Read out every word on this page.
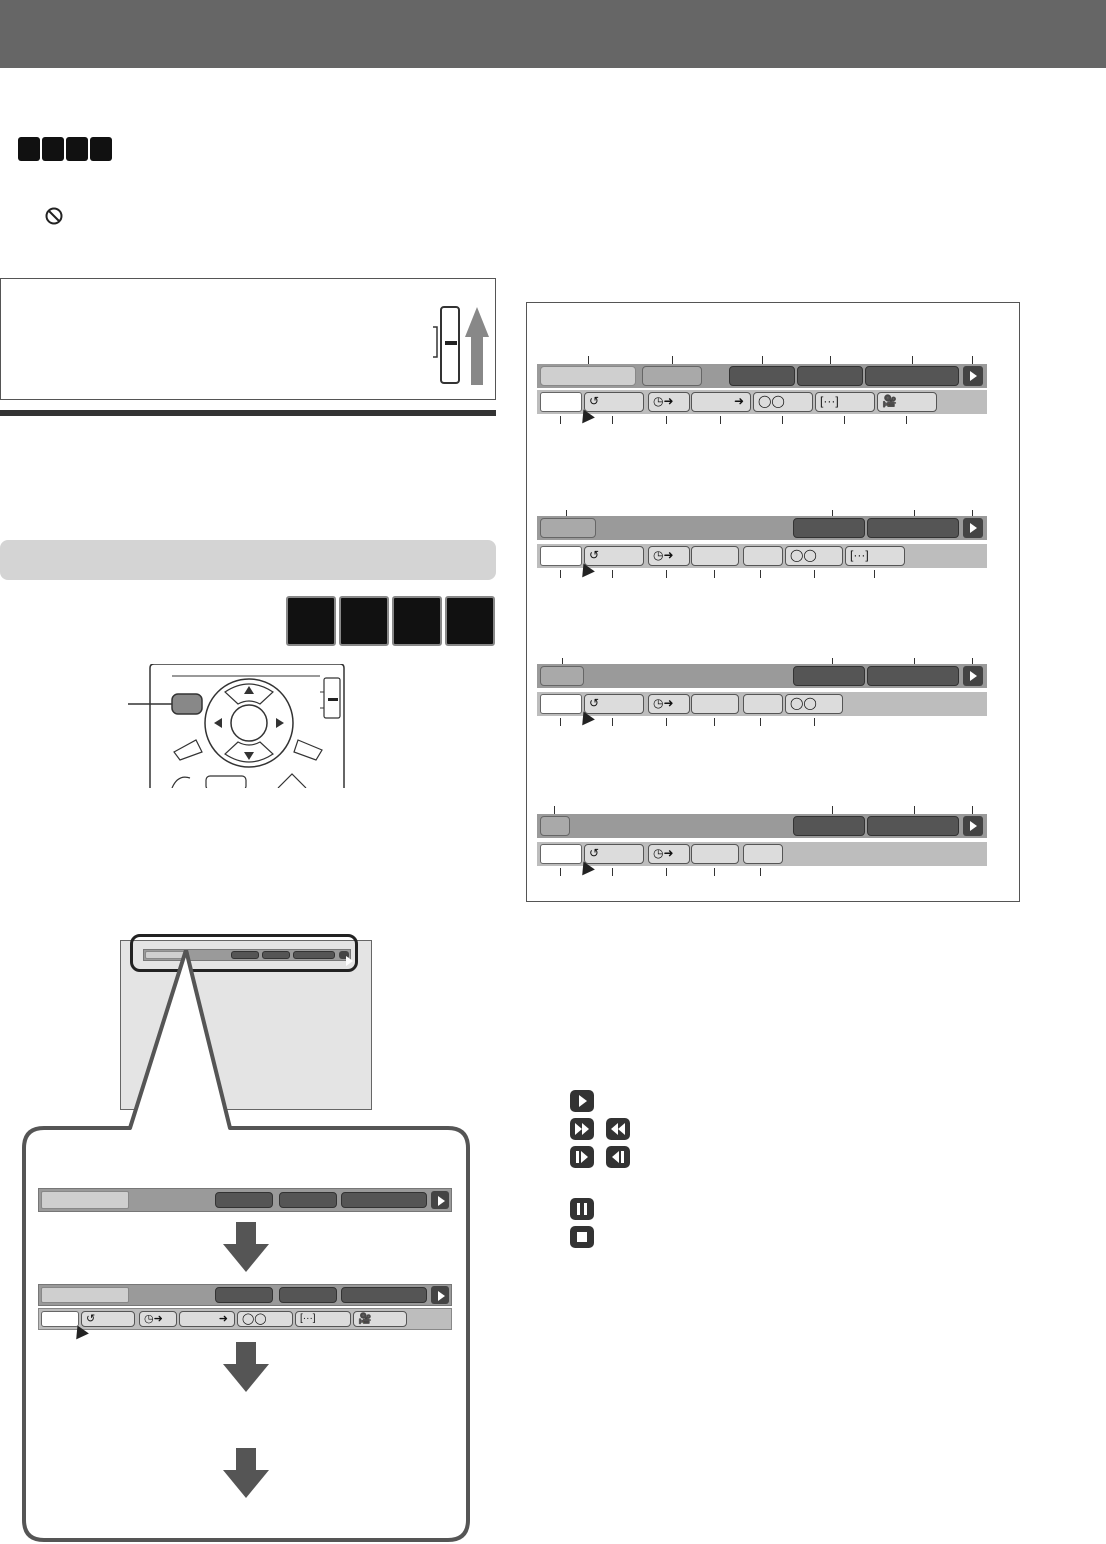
↺	◷➜	➜	◯◯	[···]	🎥
↺	◷➜	➜	◯◯	[···]	🎥
↺	◷➜	◯◯	[···]
↺	◷➜	◯◯
↺	◷➜
